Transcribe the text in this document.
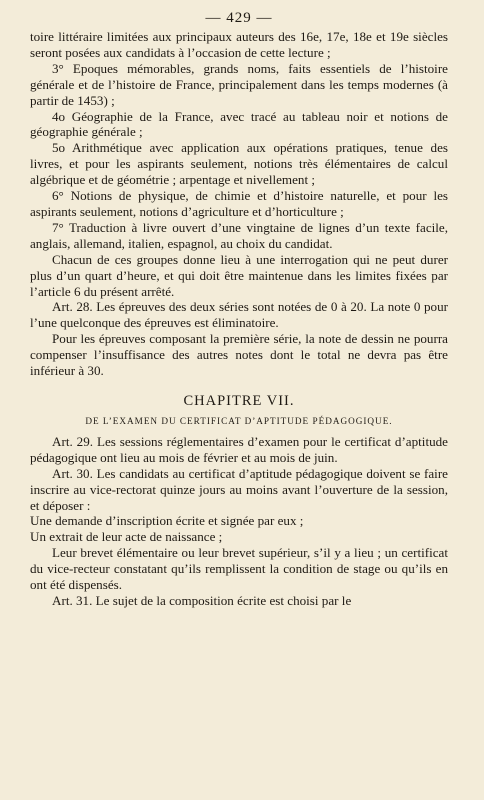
— 429 —

toire littéraire limitées aux principaux auteurs des 16e, 17e, 18e et 19e siècles seront posées aux candidats à l’occasion de cette lecture ;

3° Epoques mémorables, grands noms, faits essentiels de l’histoire générale et de l’histoire de France, principalement dans les temps modernes (à partir de 1453) ;

4o Géographie de la France, avec tracé au tableau noir et notions de géographie générale ;

5o Arithmétique avec application aux opérations pratiques, tenue des livres, et pour les aspirants seulement, notions très élémentaires de calcul algébrique et de géométrie ; arpentage et nivellement ;

6° Notions de physique, de chimie et d’histoire naturelle, et pour les aspirants seulement, notions d’agriculture et d’horticulture ;

7° Traduction à livre ouvert d’une vingtaine de lignes d’un texte facile, anglais, allemand, italien, espagnol, au choix du candidat.

Chacun de ces groupes donne lieu à une interrogation qui ne peut durer plus d’un quart d’heure, et qui doit être maintenue dans les limites fixées par l’article 6 du présent arrêté.

Art. 28. Les épreuves des deux séries sont notées de 0 à 20. La note 0 pour l’une quelconque des épreuves est éliminatoire.

Pour les épreuves composant la première série, la note de dessin ne pourra compenser l’insuffisance des autres notes dont le total ne devra pas être inférieur à 30.

CHAPITRE VII.
DE L’EXAMEN DU CERTIFICAT D’APTITUDE PÉDAGOGIQUE.

Art. 29. Les sessions réglementaires d’examen pour le certificat d’aptitude pédagogique ont lieu au mois de février et au mois de juin.

Art. 30. Les candidats au certificat d’aptitude pédagogique doivent se faire inscrire au vice-rectorat quinze jours au moins avant l’ouverture de la session, et déposer :

Une demande d’inscription écrite et signée par eux ;

Un extrait de leur acte de naissance ;

Leur brevet élémentaire ou leur brevet supérieur, s’il y a lieu ; un certificat du vice-recteur constatant qu’ils remplissent la condition de stage ou qu’ils en ont été dispensés.

Art. 31. Le sujet de la composition écrite est choisi par le
